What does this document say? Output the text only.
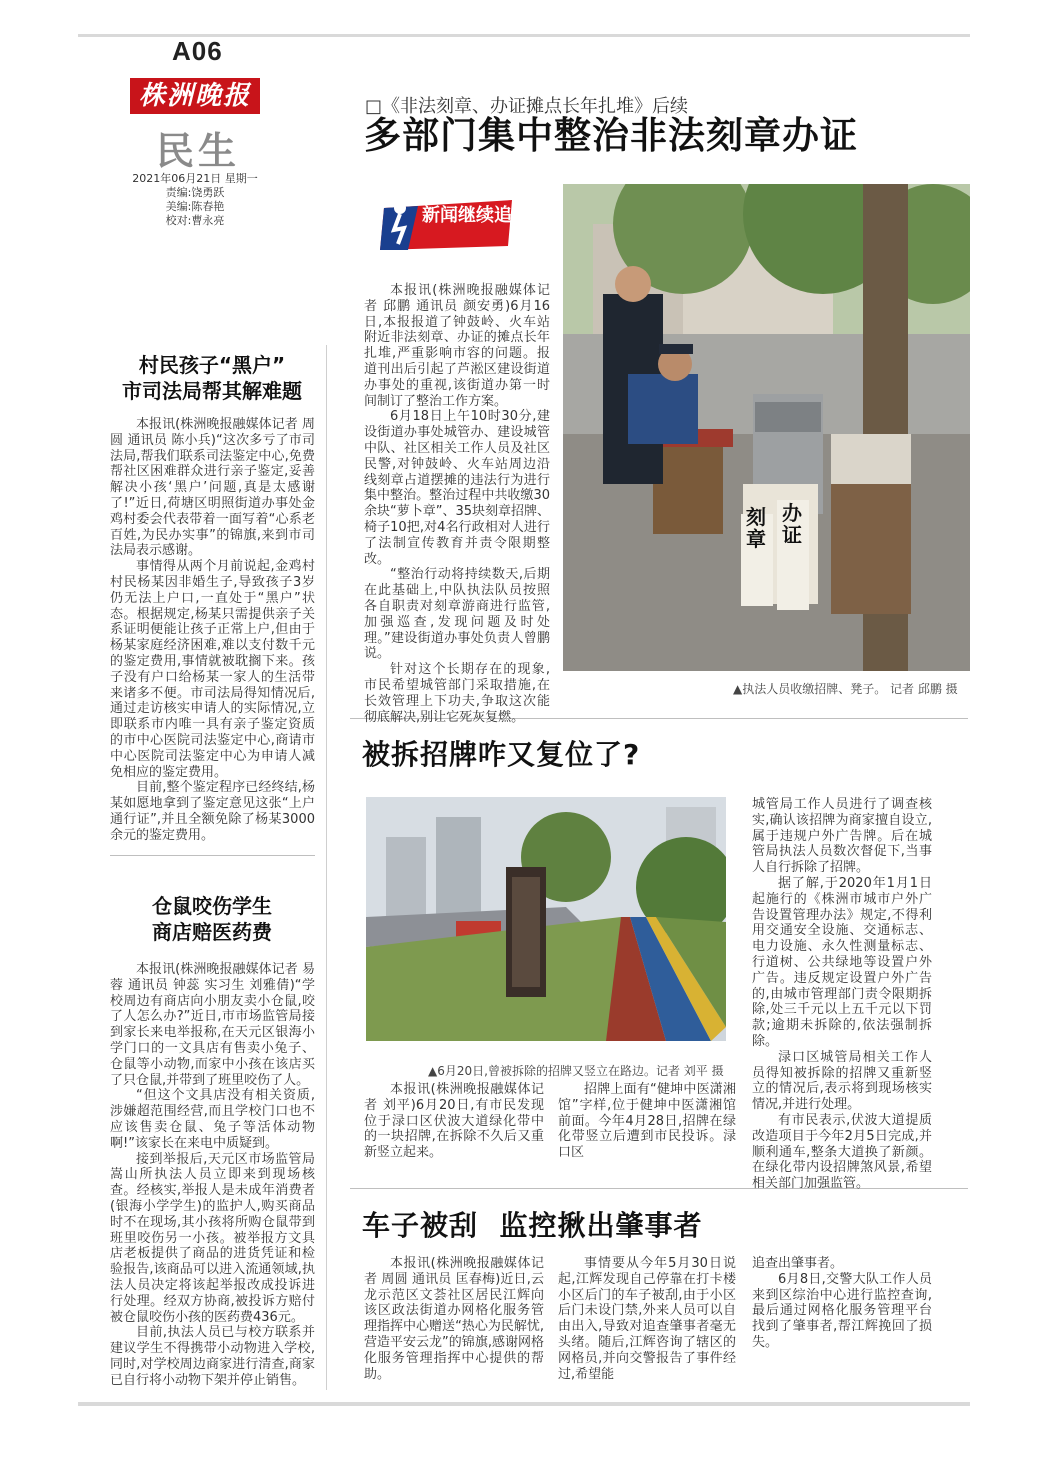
A06
株洲晚报
民生
2021年06月21日 星期一
责编:饶勇跃
美编:陈春艳
校对:曹永亮
□《非法刻章、办证摊点长年扎堆》后续
多部门集中整治非法刻章办证
新闻继续追

本报讯(株洲晚报融媒体记者 邱鹏 通讯员 颜安勇)6月16日,本报报道了钟鼓岭、火车站附近非法刻章、办证的摊点长年扎堆,严重影响市容的问题。报道刊出后引起了芦淞区建设街道办事处的重视,该街道办第一时间制订了整治工作方案。

6月18日上午10时30分,建设街道办事处城管办、建设城管中队、社区相关工作人员及社区民警,对钟鼓岭、火车站周边沿线刻章占道摆摊的违法行为进行集中整治。整治过程中共收缴30余块“萝卜章”、35块刻章招牌、椅子10把,对4名行政相对人进行了法制宣传教育并责令限期整改。

“整治行动将持续数天,后期在此基础上,中队执法队员按照各自职责对刻章游商进行监管,加强巡查,发现问题及时处理。”建设街道办事处负责人曾鹏说。

针对这个长期存在的现象,市民希望城管部门采取措施,在长效管理上下功夫,争取这次能彻底解决,别让它死灰复燃。

刻章
办证
▲执法人员收缴招牌、凳子。 记者 邱鹏 摄
村民孩子“黑户”
市司法局帮其解难题

本报讯(株洲晚报融媒体记者 周圆 通讯员 陈小兵)“这次多亏了市司法局,帮我们联系司法鉴定中心,免费帮社区困难群众进行亲子鉴定,妥善解决小孩‘黑户’问题,真是太感谢了!”近日,荷塘区明照街道办事处金鸡村委会代表带着一面写着“心系老百姓,为民办实事”的锦旗,来到市司法局表示感谢。

事情得从两个月前说起,金鸡村村民杨某因非婚生子,导致孩子3岁仍无法上户口,一直处于“黑户”状态。根据规定,杨某只需提供亲子关系证明便能让孩子正常上户,但由于杨某家庭经济困难,难以支付数千元的鉴定费用,事情就被耽搁下来。孩子没有户口给杨某一家人的生活带来诸多不便。市司法局得知情况后,通过走访核实申请人的实际情况,立即联系市内唯一具有亲子鉴定资质的市中心医院司法鉴定中心,商请市中心医院司法鉴定中心为申请人减免相应的鉴定费用。

目前,整个鉴定程序已经终结,杨某如愿地拿到了鉴定意见这张“上户通行证”,并且全额免除了杨某3000余元的鉴定费用。

仓鼠咬伤学生
商店赔医药费

本报讯(株洲晚报融媒体记者 易蓉 通讯员 钟蕊 实习生 刘雅倩)“学校周边有商店向小朋友卖小仓鼠,咬了人怎么办?”近日,市市场监管局接到家长来电举报称,在天元区银海小学门口的一文具店有售卖小兔子、仓鼠等小动物,而家中小孩在该店买了只仓鼠,并带到了班里咬伤了人。

“但这个文具店没有相关资质,涉嫌超范围经营,而且学校门口也不应该售卖仓鼠、兔子等活体动物啊!”该家长在来电中质疑到。

接到举报后,天元区市场监管局嵩山所执法人员立即来到现场核查。经核实,举报人是未成年消费者(银海小学学生)的监护人,购买商品时不在现场,其小孩将所购仓鼠带到班里咬伤另一小孩。被举报方文具店老板提供了商品的进货凭证和检验报告,该商品可以进入流通领域,执法人员决定将该起举报改成投诉进行处理。经双方协商,被投诉方赔付被仓鼠咬伤小孩的医药费436元。

目前,执法人员已与校方联系并建议学生不得携带小动物进入学校,同时,对学校周边商家进行清查,商家已自行将小动物下架并停止销售。

被拆招牌咋又复位了?
▲6月20日,曾被拆除的招牌又竖立在路边。记者 刘平 摄

本报讯(株洲晚报融媒体记者 刘平)6月20日,有市民发现位于渌口区伏波大道绿化带中的一块招牌,在拆除不久后又重新竖立起来。

招牌上面有“健坤中医潇湘馆”字样,位于健坤中医潇湘馆前面。今年4月28日,招牌在绿化带竖立后遭到市民投诉。渌口区

城管局工作人员进行了调查核实,确认该招牌为商家擅自设立,属于违规户外广告牌。后在城管局执法人员数次督促下,当事人自行拆除了招牌。

据了解,于2020年1月1日起施行的《株洲市城市户外广告设置管理办法》规定,不得利用交通安全设施、交通标志、电力设施、永久性测量标志、行道树、公共绿地等设置户外广告。违反规定设置户外广告的,由城市管理部门责令限期拆除,处三千元以上五千元以下罚款;逾期未拆除的,依法强制拆除。

渌口区城管局相关工作人员得知被拆除的招牌又重新竖立的情况后,表示将到现场核实情况,并进行处理。

有市民表示,伏波大道提质改造项目于今年2月5日完成,并顺利通车,整条大道换了新颜。在绿化带内设招牌煞风景,希望相关部门加强监管。

车子被刮  监控揪出肇事者

本报讯(株洲晚报融媒体记者 周圆 通讯员 匡春梅)近日,云龙示范区文荟社区居民江辉向该区政法街道办网格化服务管理指挥中心赠送“热心为民解忧,营造平安云龙”的锦旗,感谢网格化服务管理指挥中心提供的帮助。

事情要从今年5月30日说起,江辉发现自己停靠在打卡楼小区后门的车子被刮,由于小区后门未设门禁,外来人员可以自由出入,导致对追查肇事者毫无头绪。随后,江辉咨询了辖区的网格员,并向交警报告了事件经过,希望能

追查出肇事者。

6月8日,交警大队工作人员来到区综治中心进行监控查询,最后通过网格化服务管理平台找到了肇事者,帮江辉挽回了损失。
